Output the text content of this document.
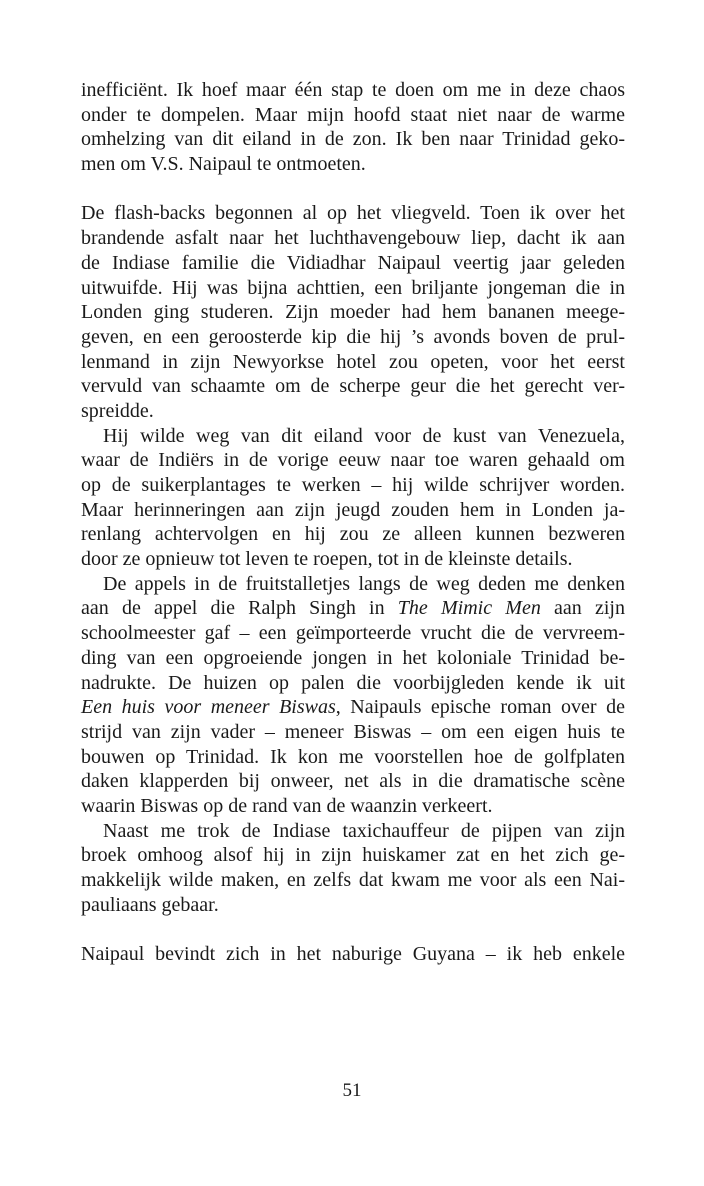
inefficiënt. Ik hoef maar één stap te doen om me in deze chaos
onder te dompelen. Maar mijn hoofd staat niet naar de warme
omhelzing van dit eiland in de zon. Ik ben naar Trinidad geko-
men om V.S. Naipaul te ontmoeten.
De flash-backs begonnen al op het vliegveld. Toen ik over het
brandende asfalt naar het luchthavengebouw liep, dacht ik aan
de Indiase familie die Vidiadhar Naipaul veertig jaar geleden
uitwuifde. Hij was bijna achttien, een briljante jongeman die in
Londen ging studeren. Zijn moeder had hem bananen meege-
geven, en een geroosterde kip die hij ’s avonds boven de prul-
lenmand in zijn Newyorkse hotel zou opeten, voor het eerst
vervuld van schaamte om de scherpe geur die het gerecht ver-
spreidde.
Hij wilde weg van dit eiland voor de kust van Venezuela,
waar de Indiërs in de vorige eeuw naar toe waren gehaald om
op de suikerplantages te werken – hij wilde schrijver worden.
Maar herinneringen aan zijn jeugd zouden hem in Londen ja-
renlang achtervolgen en hij zou ze alleen kunnen bezweren
door ze opnieuw tot leven te roepen, tot in de kleinste details.
De appels in de fruitstalletjes langs de weg deden me denken
aan de appel die Ralph Singh in The Mimic Men aan zijn
schoolmeester gaf – een geïmporteerde vrucht die de vervreem-
ding van een opgroeiende jongen in het koloniale Trinidad be-
nadrukte. De huizen op palen die voorbijgleden kende ik uit
Een huis voor meneer Biswas, Naipauls epische roman over de
strijd van zijn vader – meneer Biswas – om een eigen huis te
bouwen op Trinidad. Ik kon me voorstellen hoe de golfplaten
daken klapperden bij onweer, net als in die dramatische scène
waarin Biswas op de rand van de waanzin verkeert.
Naast me trok de Indiase taxichauffeur de pijpen van zijn
broek omhoog alsof hij in zijn huiskamer zat en het zich ge-
makkelijk wilde maken, en zelfs dat kwam me voor als een Nai-
pauliaans gebaar.
Naipaul bevindt zich in het naburige Guyana – ik heb enkele
51
